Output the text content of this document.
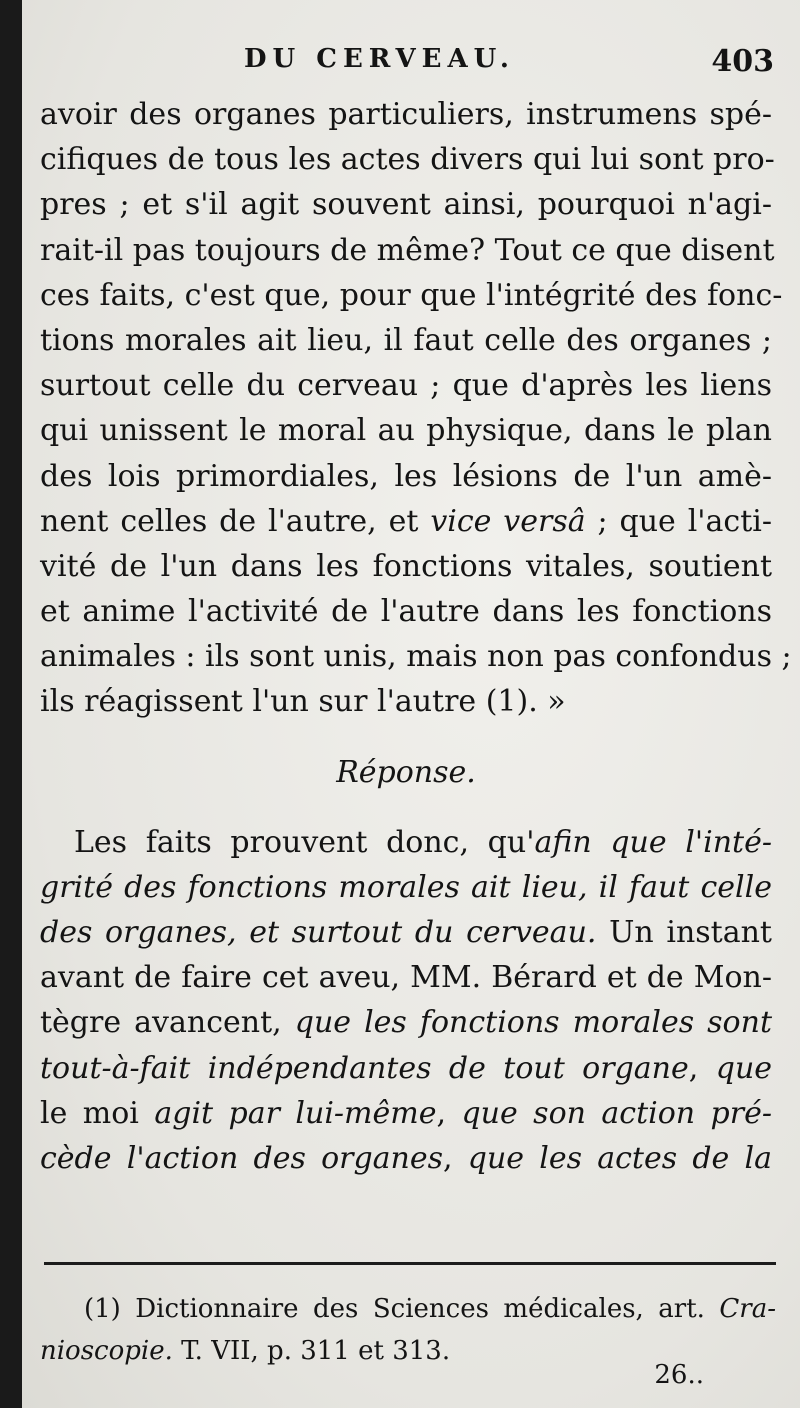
DU CERVEAU.	403
avoir des organes particuliers, instrumens spé-
cifiques de tous les actes divers qui lui sont pro-
pres ; et s'il agit souvent ainsi, pourquoi n'agi-
rait-il pas toujours de même? Tout ce que disent
ces faits, c'est que, pour que l'intégrité des fonc-
tions morales ait lieu, il faut celle des organes ;
surtout celle du cerveau ; que d'après les liens
qui unissent le moral au physique, dans le plan
des lois primordiales, les lésions de l'un amè-
nent celles de l'autre, et vice versâ ; que l'acti-
vité de l'un dans les fonctions vitales, soutient
et anime l'activité de l'autre dans les fonctions
animales : ils sont unis, mais non pas confondus ;
ils réagissent l'un sur l'autre (1). »
Réponse.
Les faits prouvent donc, qu'afin que l'inté-
grité des fonctions morales ait lieu, il faut celle
des organes, et surtout du cerveau. Un instant
avant de faire cet aveu, MM. Bérard et de Mon-
tègre avancent, que les fonctions morales sont
tout-à-fait indépendantes de tout organe, que
le moi agit par lui-même, que son action pré-
cède l'action des organes, que les actes de la
(1) Dictionnaire des Sciences médicales, art. Cra-
nioscopie. T. VII, p. 311 et 313.
26..
